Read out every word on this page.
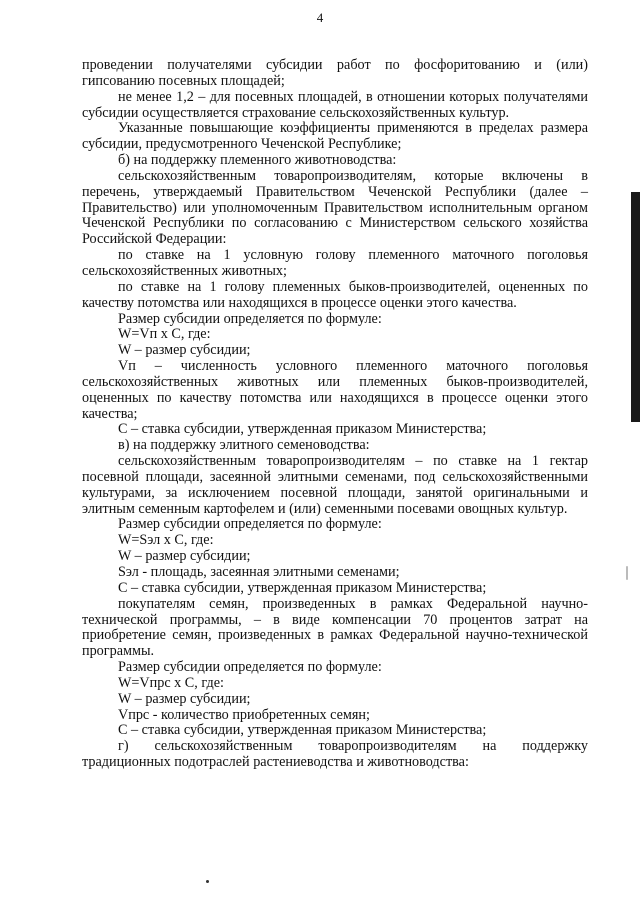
4

проведении получателями субсидии работ по фосфоритованию и (или) гипсованию посевных площадей;

не менее 1,2 – для посевных площадей, в отношении которых получателями субсидии осуществляется страхование сельскохозяйственных культур.

Указанные повышающие коэффициенты применяются в пределах размера субсидии, предусмотренного Чеченской Республике;

б) на поддержку племенного животноводства:

сельскохозяйственным товаропроизводителям, которые включены в перечень, утверждаемый Правительством Чеченской Республики (далее – Правительство) или уполномоченным Правительством исполнительным органом Чеченской Республики по согласованию с Министерством сельского хозяйства Российской Федерации:

по ставке на 1 условную голову племенного маточного поголовья сельскохозяйственных животных;

по ставке на 1 голову племенных быков-производителей, оцененных по качеству потомства или находящихся в процессе оценки этого качества.

Размер субсидии определяется по формуле:

W=Vп х С, где:

W – размер субсидии;

Vп – численность условного племенного маточного поголовья сельскохозяйственных животных или племенных быков-производителей, оцененных по качеству потомства или находящихся в процессе оценки этого качества;

С – ставка субсидии, утвержденная приказом Министерства;

в) на поддержку элитного семеноводства:

сельскохозяйственным товаропроизводителям – по ставке на 1 гектар посевной площади, засеянной элитными семенами, под сельскохозяйственными культурами, за исключением посевной площади, занятой оригинальными и элитным семенным картофелем и (или) семенными посевами овощных культур.

Размер субсидии определяется по формуле:

W=Sэл х С, где:

W – размер субсидии;

Sэл - площадь, засеянная элитными семенами;

С – ставка субсидии, утвержденная приказом Министерства;

покупателям семян, произведенных в рамках Федеральной научно-технической программы, – в виде компенсации 70 процентов затрат на приобретение семян, произведенных в рамках Федеральной научно-технической программы.

Размер субсидии определяется по формуле:

W=Vпрс х С, где:

W – размер субсидии;

Vпрс - количество приобретенных семян;

С – ставка субсидии, утвержденная приказом Министерства;

г) сельскохозяйственным товаропроизводителям на поддержку традиционных подотраслей растениеводства и животноводства:
